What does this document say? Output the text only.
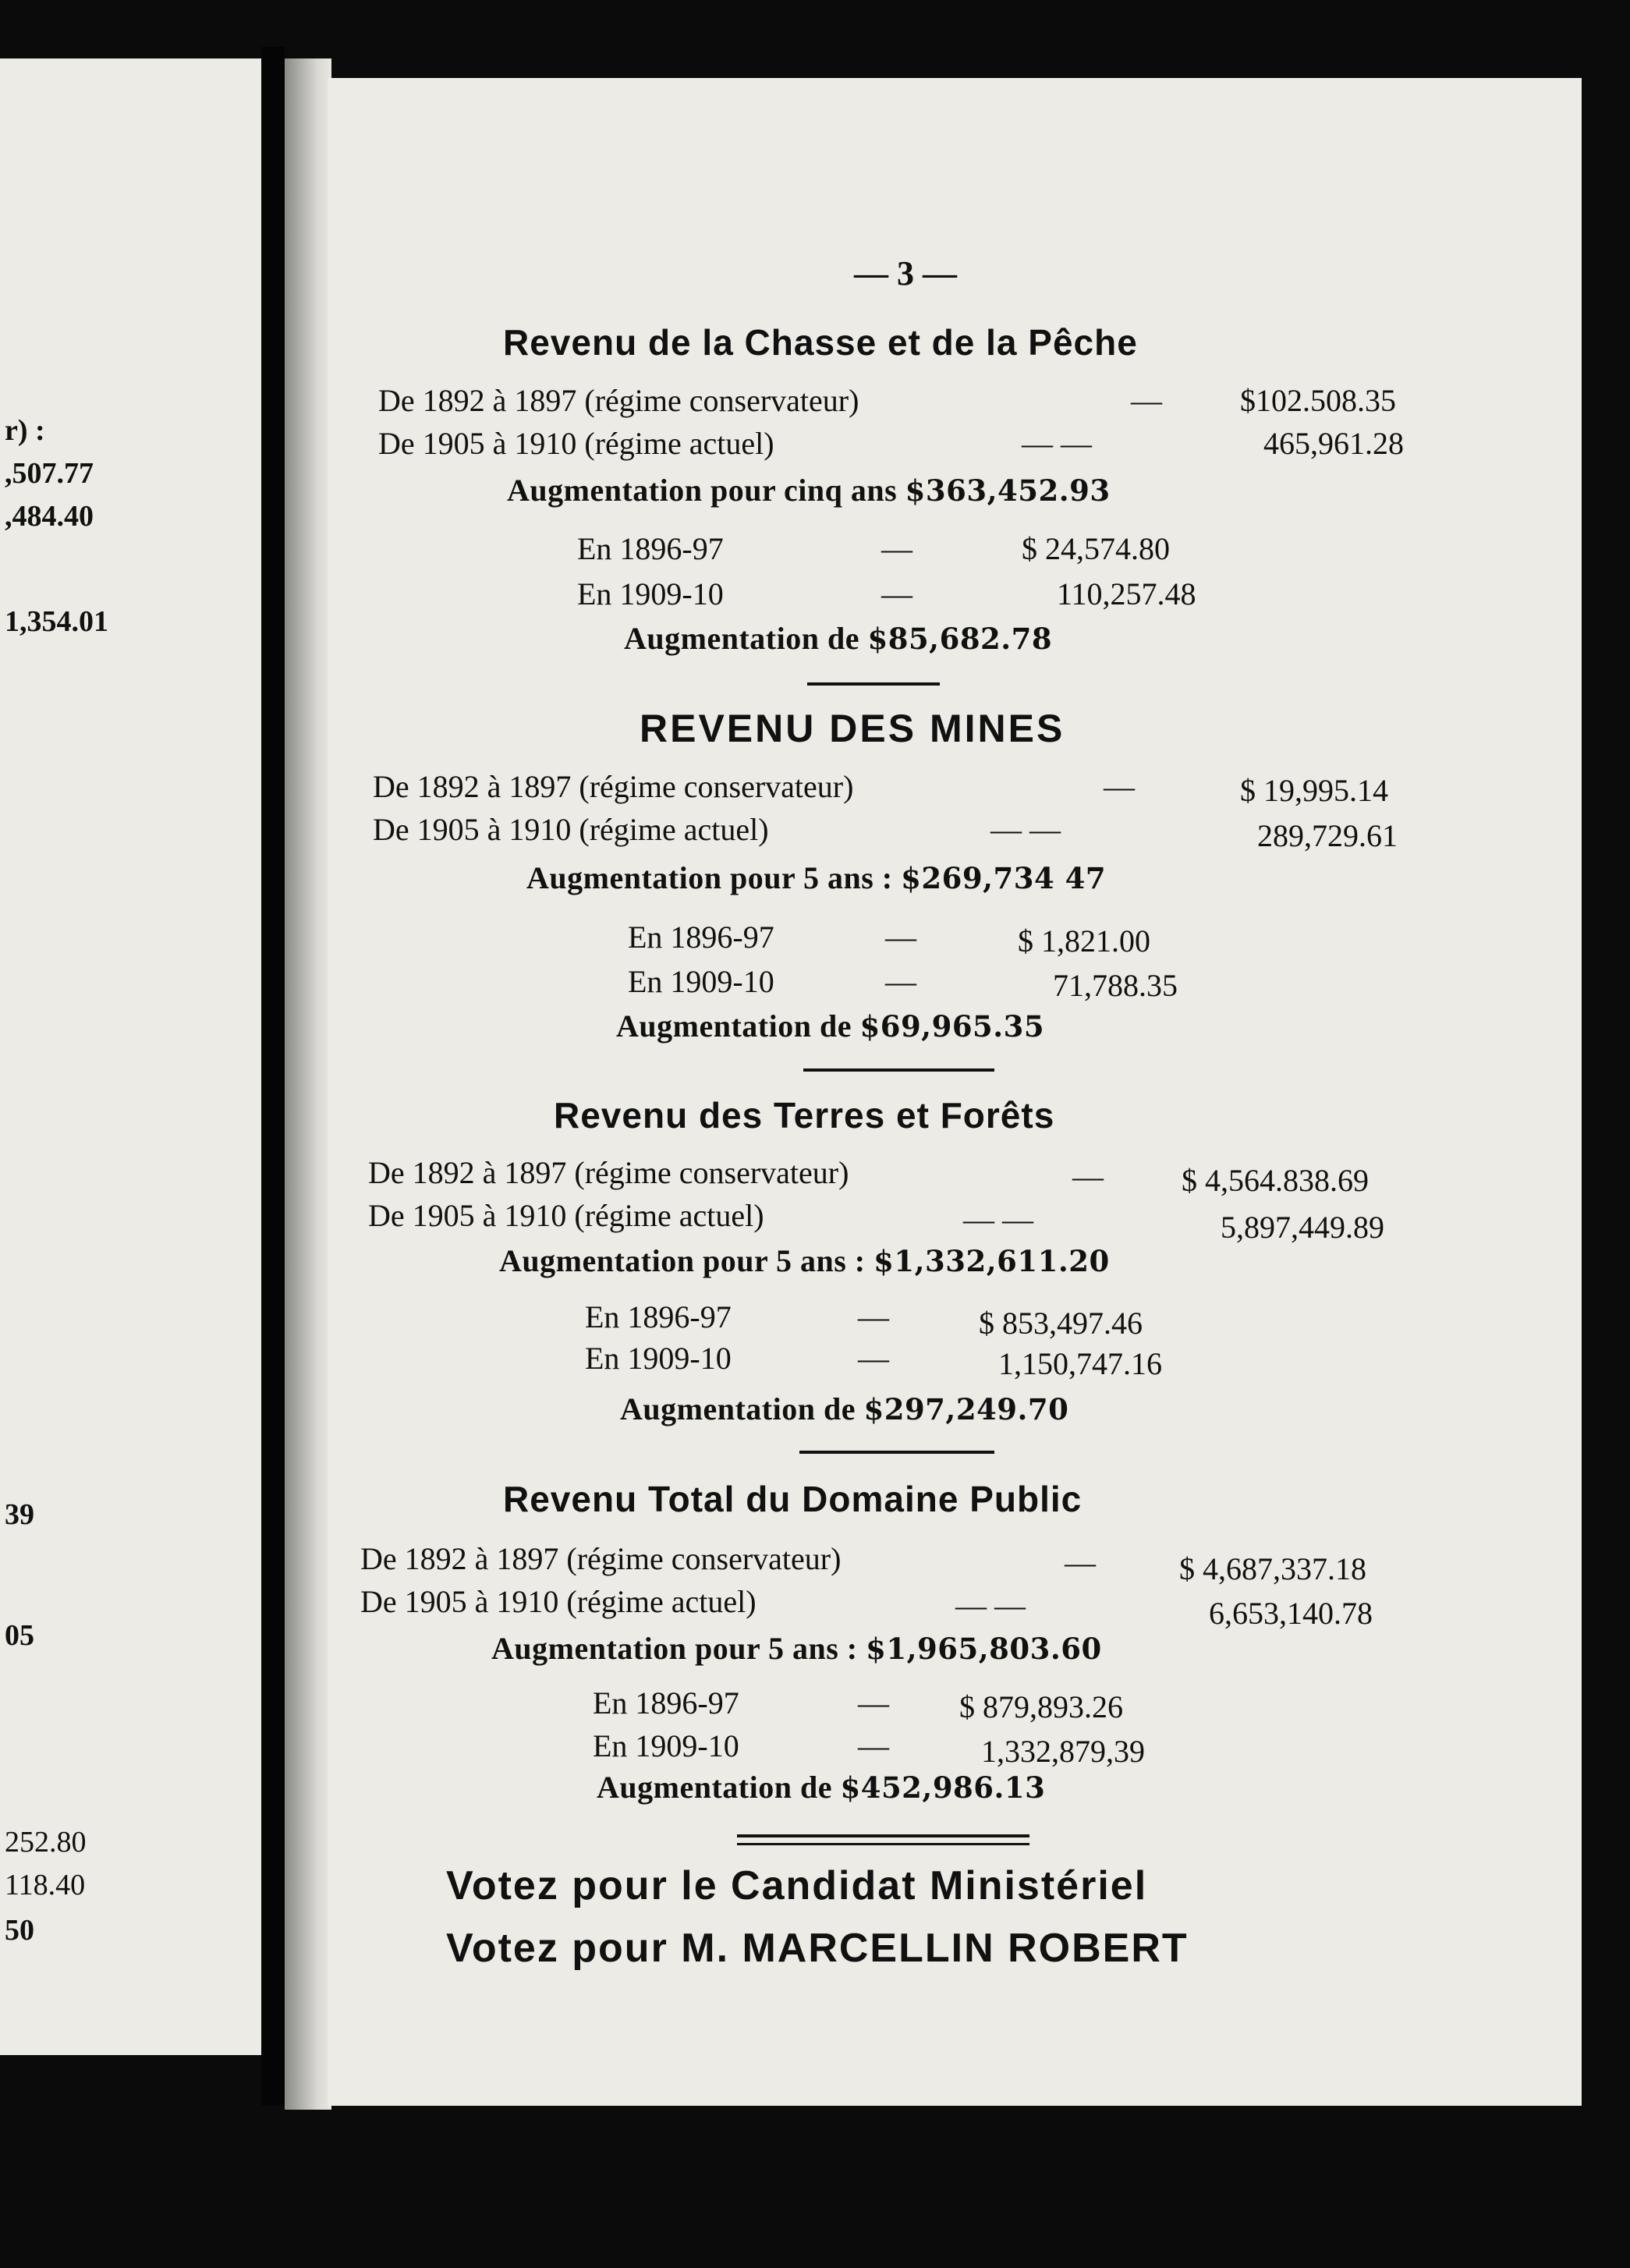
r) :
,507.77
,484.40
1,354.01
39
05
252.80
118.40
50
— 3 —
Revenu de la Chasse et de la Pêche
De 1892 à 1897 (régime conservateur)	—	$102.508.35
De 1905 à 1910 (régime actuel)	— —	465,961.28
Augmentation pour cinq ans $363,452.93
En 1896-97	—	$ 24,574.80
En 1909-10	—	110,257.48
Augmentation de $85,682.78
REVENU DES MINES
De 1892 à 1897 (régime conservateur)	—	$ 19,995.14
De 1905 à 1910 (régime actuel)	— —	289,729.61
Augmentation pour 5 ans : $269,734 47
En 1896-97	—	$ 1,821.00
En 1909-10	—	71,788.35
Augmentation de $69,965.35
Revenu des Terres et Forêts
De 1892 à 1897 (régime conservateur)	—	$ 4,564.838.69
De 1905 à 1910 (régime actuel)	— —	5,897,449.89
Augmentation pour 5 ans : $1,332,611.20
En 1896-97	—	$ 853,497.46
En 1909-10	—	1,150,747.16
Augmentation de $297,249.70
Revenu Total du Domaine Public
De 1892 à 1897 (régime conservateur)	—	$ 4,687,337.18
De 1905 à 1910 (régime actuel)	— —	6,653,140.78
Augmentation pour 5 ans : $1,965,803.60
En 1896-97	— $ 879,893.26
En 1909-10	—	1,332,879,39
Augmentation de $452,986.13
Votez pour le Candidat Ministériel
Votez pour M. MARCELLIN ROBERT
